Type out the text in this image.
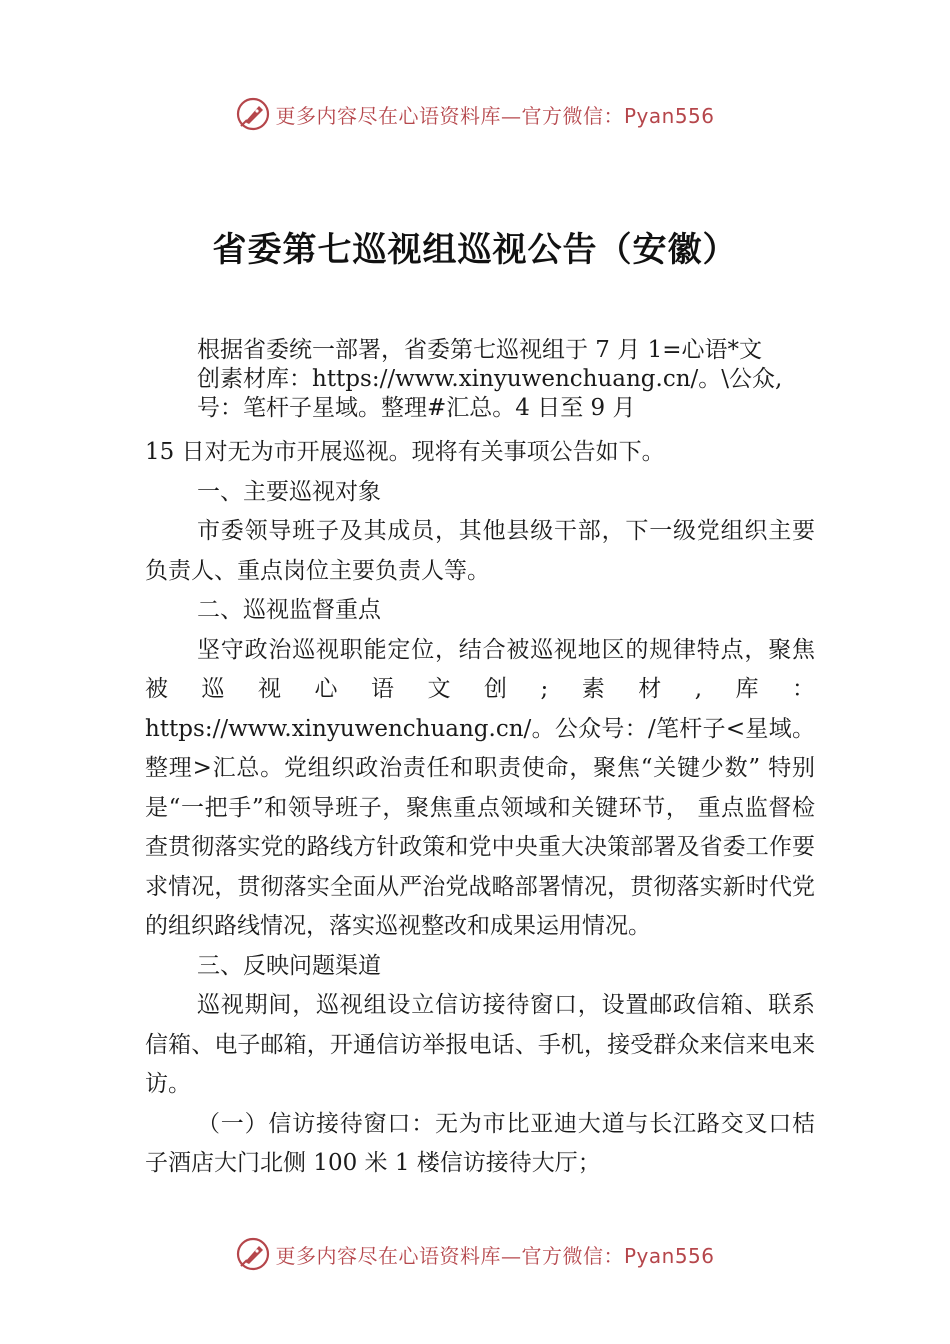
更多内容尽在心语资料库—官方微信：Pyan556
省委第七巡视组巡视公告（安徽）
根据省委统一部署，省委第七巡视组于 7 月 1=心语*文
创素材库：https://www.xinyuwenchuang.cn/。\公众,
号：笔杆子星域。整理#汇总。4 日至 9 月

15 日对无为市开展巡视。现将有关事项公告如下。

一、主要巡视对象

市委领导班子及其成员，其他县级干部，下一级党组织主要负责人、重点岗位主要负责人等。

二、巡视监督重点

坚守政治巡视职能定位，结合被巡视地区的规律特点，聚焦被巡视心语文创;素材,库：https://www.xinyuwenchuang.cn/。公众号：/笔杆子<星域。整理>汇总。党组织政治责任和职责使命，聚焦“关键少数” 特别是“一把手”和领导班子，聚焦重点领域和关键环节， 重点监督检查贯彻落实党的路线方针政策和党中央重大决策部署及省委工作要求情况，贯彻落实全面从严治党战略部署情况，贯彻落实新时代党的组织路线情况，落实巡视整改和成果运用情况。

三、反映问题渠道

巡视期间，巡视组设立信访接待窗口，设置邮政信箱、联系信箱、电子邮箱，开通信访举报电话、手机，接受群众来信来电来访。

（一）信访接待窗口：无为市比亚迪大道与长江路交叉口桔子酒店大门北侧 100 米 1 楼信访接待大厅；

更多内容尽在心语资料库—官方微信：Pyan556
